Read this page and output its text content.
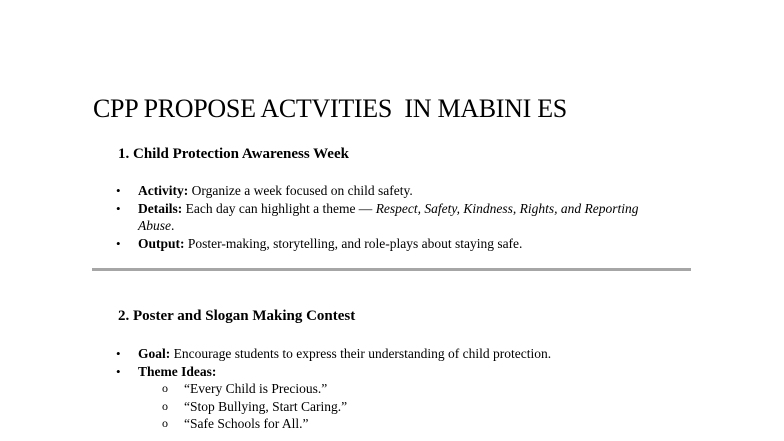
CPP PROPOSE ACTVITIES  IN MABINI ES
1. Child Protection Awareness Week
• Activity: Organize a week focused on child safety.
• Details: Each day can highlight a theme — Respect, Safety, Kindness, Rights, and Reporting Abuse.
• Output: Poster-making, storytelling, and role-plays about staying safe.
2. Poster and Slogan Making Contest
• Goal: Encourage students to express their understanding of child protection.
• Theme Ideas:
o “Every Child is Precious.”
o “Stop Bullying, Start Caring.”
o “Safe Schools for All.”
